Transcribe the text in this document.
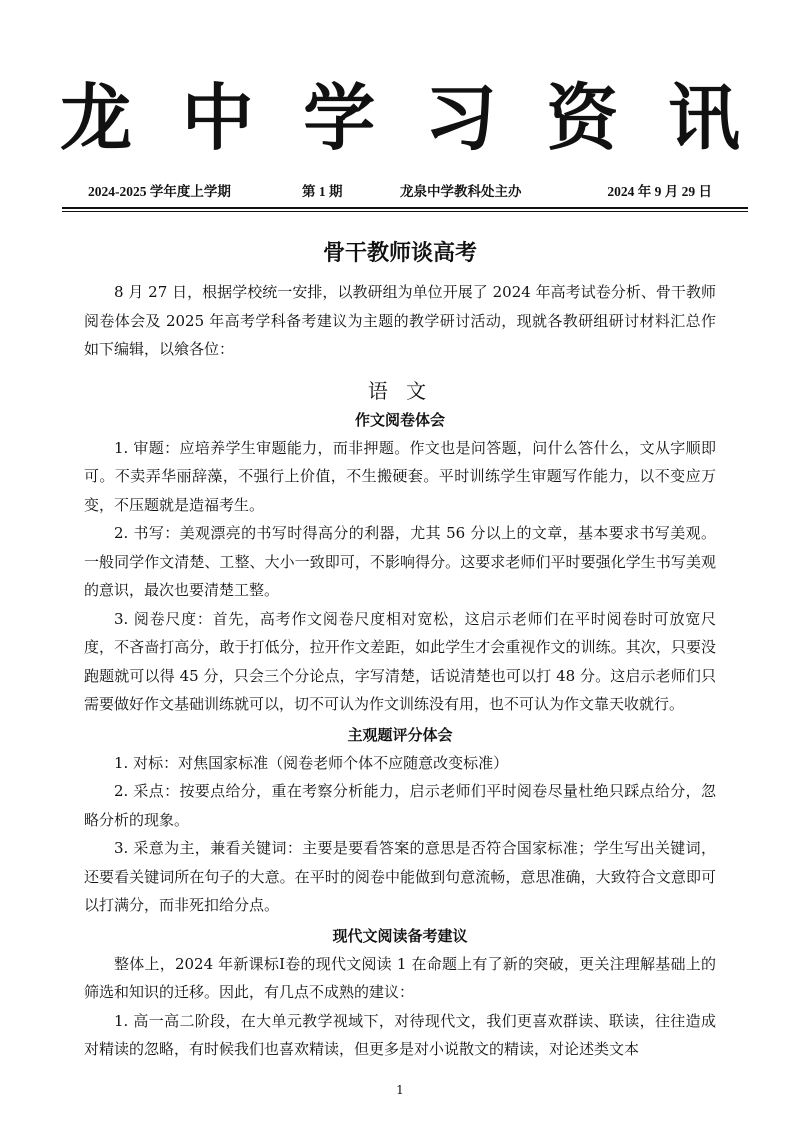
龙 中 学 习 资 讯
2024-2025 学年度上学期	第 1 期	龙泉中学教科处主办	2024 年 9 月 29 日
骨干教师谈高考

8 月 27 日，根据学校统一安排，以教研组为单位开展了 2024 年高考试卷分析、骨干教师阅卷体会及 2025 年高考学科备考建议为主题的教学研讨活动，现就各教研组研讨材料汇总作如下编辑，以飨各位：

语 文
作文阅卷体会

1. 审题：应培养学生审题能力，而非押题。作文也是问答题，问什么答什么，文从字顺即可。不卖弄华丽辞藻，不强行上价值，不生搬硬套。平时训练学生审题写作能力，以不变应万变，不压题就是造福考生。

2. 书写：美观漂亮的书写时得高分的利器，尤其 56 分以上的文章，基本要求书写美观。一般同学作文清楚、工整、大小一致即可，不影响得分。这要求老师们平时要强化学生书写美观的意识，最次也要清楚工整。

3. 阅卷尺度：首先，高考作文阅卷尺度相对宽松，这启示老师们在平时阅卷时可放宽尺度，不吝啬打高分，敢于打低分，拉开作文差距，如此学生才会重视作文的训练。其次，只要没跑题就可以得 45 分，只会三个分论点，字写清楚，话说清楚也可以打 48 分。这启示老师们只需要做好作文基础训练就可以，切不可认为作文训练没有用，也不可认为作文靠天收就行。

主观题评分体会

1. 对标：对焦国家标准（阅卷老师个体不应随意改变标准）

2. 采点：按要点给分，重在考察分析能力，启示老师们平时阅卷尽量杜绝只踩点给分，忽略分析的现象。

3. 采意为主，兼看关键词：主要是要看答案的意思是否符合国家标准；学生写出关键词，还要看关键词所在句子的大意。在平时的阅卷中能做到句意流畅，意思准确，大致符合文意即可以打满分，而非死扣给分点。

现代文阅读备考建议

整体上，2024 年新课标Ⅰ卷的现代文阅读 1 在命题上有了新的突破，更关注理解基础上的筛选和知识的迁移。因此，有几点不成熟的建议：

1. 高一高二阶段，在大单元教学视域下，对待现代文，我们更喜欢群读、联读，往往造成对精读的忽略，有时候我们也喜欢精读，但更多是对小说散文的精读，对论述类文本

1
